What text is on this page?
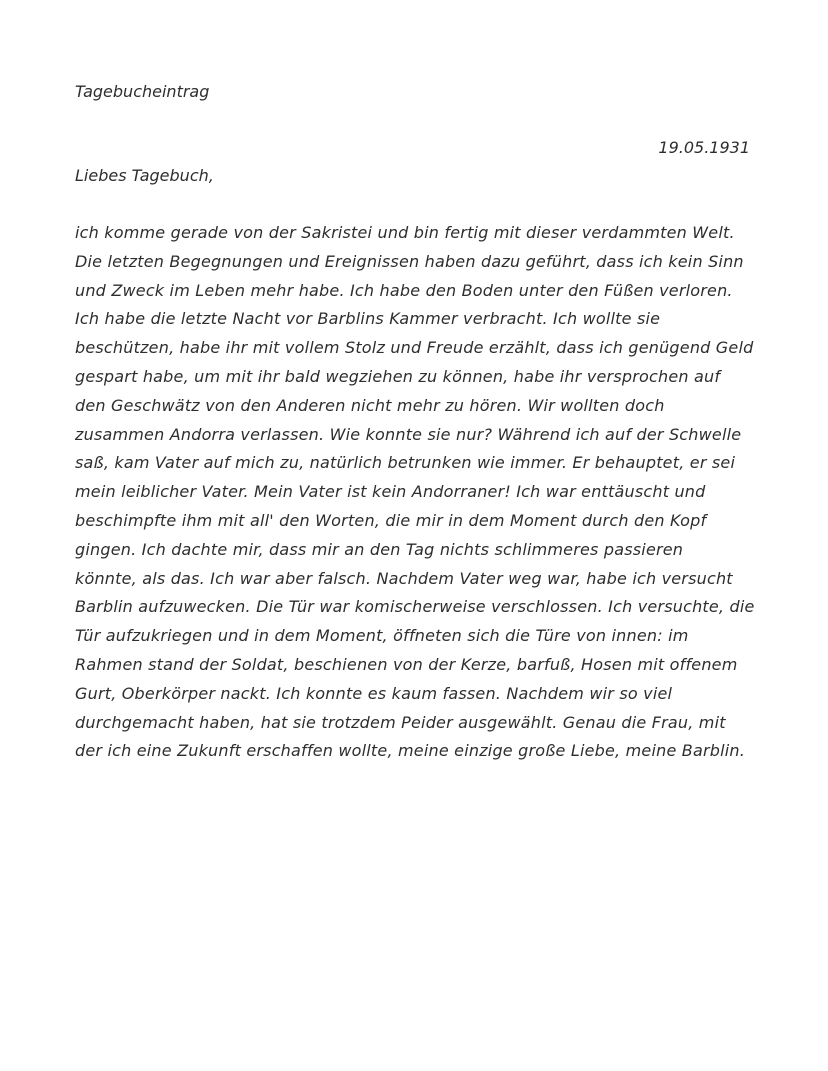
Tagebucheintrag
19.05.1931
Liebes Tagebuch,
ich komme gerade von der Sakristei und bin fertig mit dieser verdammten Welt.
Die letzten Begegnungen und Ereignissen haben dazu geführt, dass ich kein Sinn
und Zweck im Leben mehr habe. Ich habe den Boden unter den Füßen verloren.
Ich habe die letzte Nacht vor Barblins Kammer verbracht. Ich wollte sie
beschützen, habe ihr mit vollem Stolz und Freude erzählt, dass ich genügend Geld
gespart habe, um mit ihr bald wegziehen zu können, habe ihr versprochen auf
den Geschwätz von den Anderen nicht mehr zu hören. Wir wollten doch
zusammen Andorra verlassen. Wie konnte sie nur? Während ich auf der Schwelle
saß, kam Vater auf mich zu, natürlich betrunken wie immer. Er behauptet, er sei
mein leiblicher Vater. Mein Vater ist kein Andorraner! Ich war enttäuscht und
beschimpfte ihm mit all' den Worten, die mir in dem Moment durch den Kopf
gingen. Ich dachte mir, dass mir an den Tag nichts schlimmeres passieren
könnte, als das. Ich war aber falsch. Nachdem Vater weg war, habe ich versucht
Barblin aufzuwecken. Die Tür war komischerweise verschlossen. Ich versuchte, die
Tür aufzukriegen und in dem Moment, öffneten sich die Türe von innen: im
Rahmen stand der Soldat, beschienen von der Kerze, barfuß, Hosen mit offenem
Gurt, Oberkörper nackt. Ich konnte es kaum fassen. Nachdem wir so viel
durchgemacht haben, hat sie trotzdem Peider ausgewählt. Genau die Frau, mit
der ich eine Zukunft erschaffen wollte, meine einzige große Liebe, meine Barblin.
